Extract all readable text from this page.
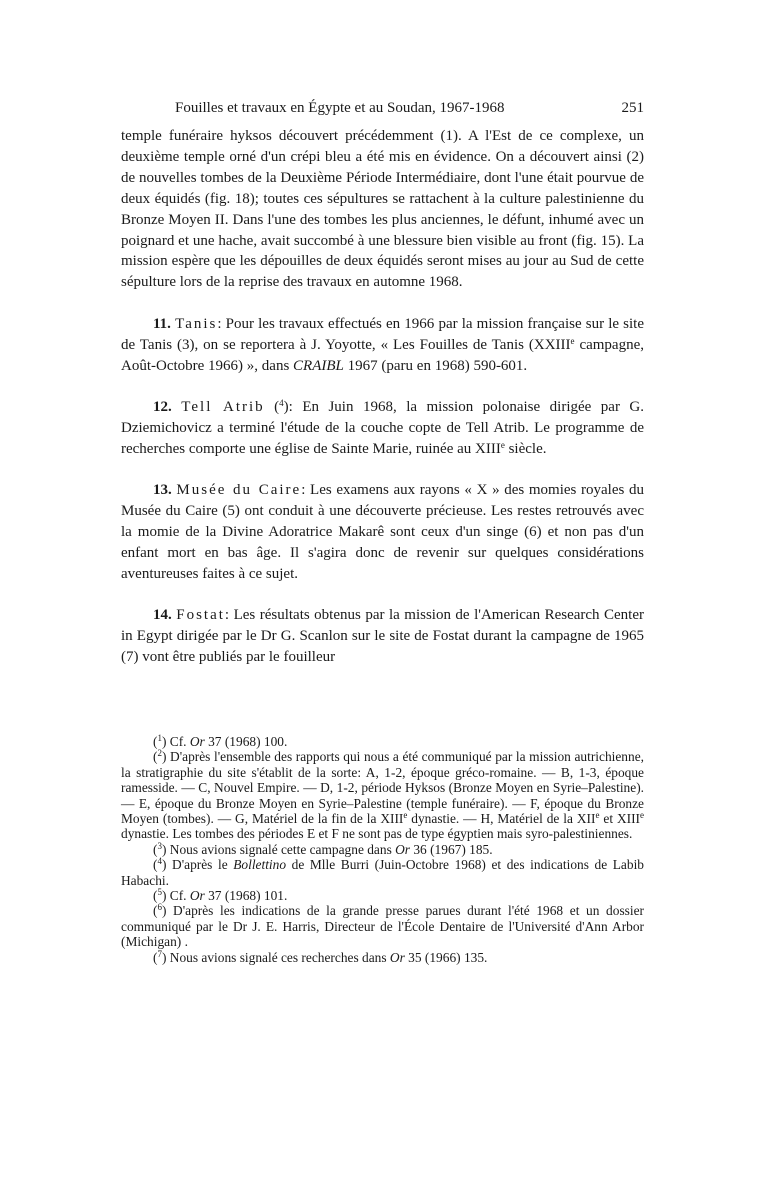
Fouilles et travaux en Égypte et au Soudan, 1967-1968	251

temple funéraire hyksos découvert précédemment (1). A l'Est de ce complexe, un deuxième temple orné d'un crépi bleu a été mis en évidence. On a découvert ainsi (2) de nouvelles tombes de la Deuxième Période Intermédiaire, dont l'une était pourvue de deux équidés (fig. 18); toutes ces sépultures se rattachent à la culture palestinienne du Bronze Moyen II. Dans l'une des tombes les plus anciennes, le défunt, inhumé avec un poignard et une hache, avait succombé à une blessure bien visible au front (fig. 15). La mission espère que les dépouilles de deux équidés seront mises au jour au Sud de cette sépulture lors de la reprise des travaux en automne 1968.

11. Tanis: Pour les travaux effectués en 1966 par la mission française sur le site de Tanis (3), on se reportera à J. Yoyotte, « Les Fouilles de Tanis (XXIIIe campagne, Août-Octobre 1966) », dans CRAIBL 1967 (paru en 1968) 590-601.

12. Tell Atrib ($^4$): En Juin 1968, la mission polonaise dirigée par G. Dziemichovicz a terminé l'étude de la couche copte de Tell Atrib. Le programme de recherches comporte une église de Sainte Marie, ruinée au XIIIe siècle.

13. Musée du Caire: Les examens aux rayons « X » des momies royales du Musée du Caire (5) ont conduit à une découverte précieuse. Les restes retrouvés avec la momie de la Divine Adoratrice Makarê sont ceux d'un singe (6) et non pas d'un enfant mort en bas âge. Il s'agira donc de revenir sur quelques considérations aventureuses faites à ce sujet.

14. Fostat: Les résultats obtenus par la mission de l'American Research Center in Egypt dirigée par le Dr G. Scanlon sur le site de Fostat durant la campagne de 1965 (7) vont être publiés par le fouilleur

($^1$) Cf. Or 37 (1968) 100.

($^2$) D'après l'ensemble des rapports qui nous a été communiqué par la mission autrichienne, la stratigraphie du site s'établit de la sorte: A, 1-2, époque gréco-romaine. — B, 1-3, époque ramesside. — C, Nouvel Empire. — D, 1-2, période Hyksos (Bronze Moyen en Syrie–Palestine). — E, époque du Bronze Moyen en Syrie–Palestine (temple funéraire). — F, époque du Bronze Moyen (tombes). — G, Matériel de la fin de la XIIIe dynastie. — H, Matériel de la XIIe et XIIIe dynastie. Les tombes des périodes E et F ne sont pas de type égyptien mais syro-palestiniennes.

($^3$) Nous avions signalé cette campagne dans Or 36 (1967) 185.

($^4$) D'après le Bollettino de Mlle Burri (Juin-Octobre 1968) et des indications de Labib Habachi.

($^5$) Cf. Or 37 (1968) 101.

($^6$) D'après les indications de la grande presse parues durant l'été 1968 et un dossier communiqué par le Dr J. E. Harris, Directeur de l'École Dentaire de l'Université d'Ann Arbor (Michigan) .

($^7$) Nous avions signalé ces recherches dans Or 35 (1966) 135.
